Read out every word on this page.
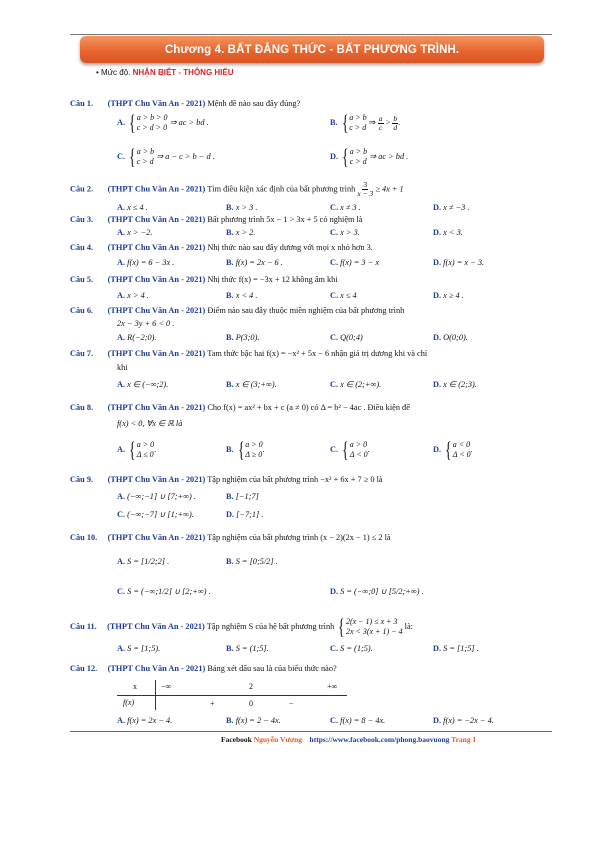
Chương 4. BẤT ĐẲNG THỨC - BẤT PHƯƠNG TRÌNH.
• Mức độ. NHẬN BIẾT - THÔNG HIỂU
Câu 1. (THPT Chu Văn An - 2021) Mệnh đề nào sau đây đúng?
A. { a > b > 0
c > d > 0
⇒ ac > bd .	B. { a > b
c > d
⇒ $\frac{a}{c} > \frac{b}{d}$ .
C. { a > b
c > d
⇒ a − c > b − d .	D. { a > b
c > d
⇒ ac > bd .
Câu 2. (THPT Chu Văn An - 2021) Tìm điều kiện xác định của bất phương trình $\frac{3}{x - 3} \ge 4x + 1$
A. x ≤ 4 .	B. x > 3 .	C. x ≠ 3 .	D. x ≠ −3 .
Câu 3. (THPT Chu Văn An - 2021) Bất phương trình 5x − 1 > 3x + 5 có nghiệm là
A. x > −2.	B. x > 2.	C. x > 3.	D. x < 3.
Câu 4. (THPT Chu Văn An - 2021) Nhị thức nào sau đây dương với mọi x nhỏ hơn 3.
A. f(x) = 6 − 3x .	B. f(x) = 2x − 6 .	C. f(x) = 3 − x	D. f(x) = x − 3.
Câu 5. (THPT Chu Văn An - 2021) Nhị thức f(x) = −3x + 12 không âm khi
A. x > 4 .	B. x < 4 .	C. x ≤ 4	D. x ≥ 4 .
Câu 6. (THPT Chu Văn An - 2021) Điểm nào sau đây thuộc miền nghiệm của bất phương trình
2x − 3y + 6 < 0 .
A. R(−2;0).	B. P(3;0).	C. Q(0;4)	D. O(0;0).
Câu 7. (THPT Chu Văn An - 2021) Tam thức bậc hai f(x) = −x² + 5x − 6 nhận giá trị dương khi và chỉ
khi
A. x ∈ (−∞;2).	B. x ∈ (3;+∞).	C. x ∈ (2;+∞).	D. x ∈ (2;3).
Câu 8. (THPT Chu Văn An - 2021) Cho f(x) = ax² + bx + c (a ≠ 0) có Δ = b² − 4ac . Điều kiện để
f(x) < 0, ∀x ∈ ℝ là
A. { a > 0
Δ ≤ 0
.	B. { a > 0
Δ ≥ 0
.	C. { a > 0
Δ < 0
.	D. { a < 0
Δ < 0
.
Câu 9. (THPT Chu Văn An - 2021) Tập nghiệm của bất phương trình −x² + 6x + 7 ≥ 0 là
A. (−∞;−1] ∪ [7;+∞) .	B. [−1;7]
C. (−∞;−7] ∪ [1;+∞).	D. [−7;1] .
Câu 10. (THPT Chu Văn An - 2021) Tập nghiệm của bất phương trình (x − 2)(2x − 1) ≤ 2 là
A. S = [1/2;2] .	B. S = [0;5/2] .
C. S = (−∞;1/2] ∪ [2;+∞) .	D. S = (−∞;0] ∪ [5/2;+∞) .
Câu 11. (THPT Chu Văn An - 2021) Tập nghiệm S của hệ bất phương trình { 2(x − 1) ≤ x + 3
2x < 3(x + 1) − 4
là:
A. S = [1;5).	B. S = (1;5].	C. S = (1;5).	D. S = [1;5] .
Câu 12. (THPT Chu Văn An - 2021) Bảng xét dấu sau là của biểu thức nào?
x	−∞	2	+∞
f(x)	+	0	−
A. f(x) = 2x − 4.	B. f(x) = 2 − 4x.	C. f(x) = 8 − 4x.	D. f(x) = −2x − 4.
Facebook Nguyễn Vương https://www.facebook.com/phong.baovuong Trang 1
